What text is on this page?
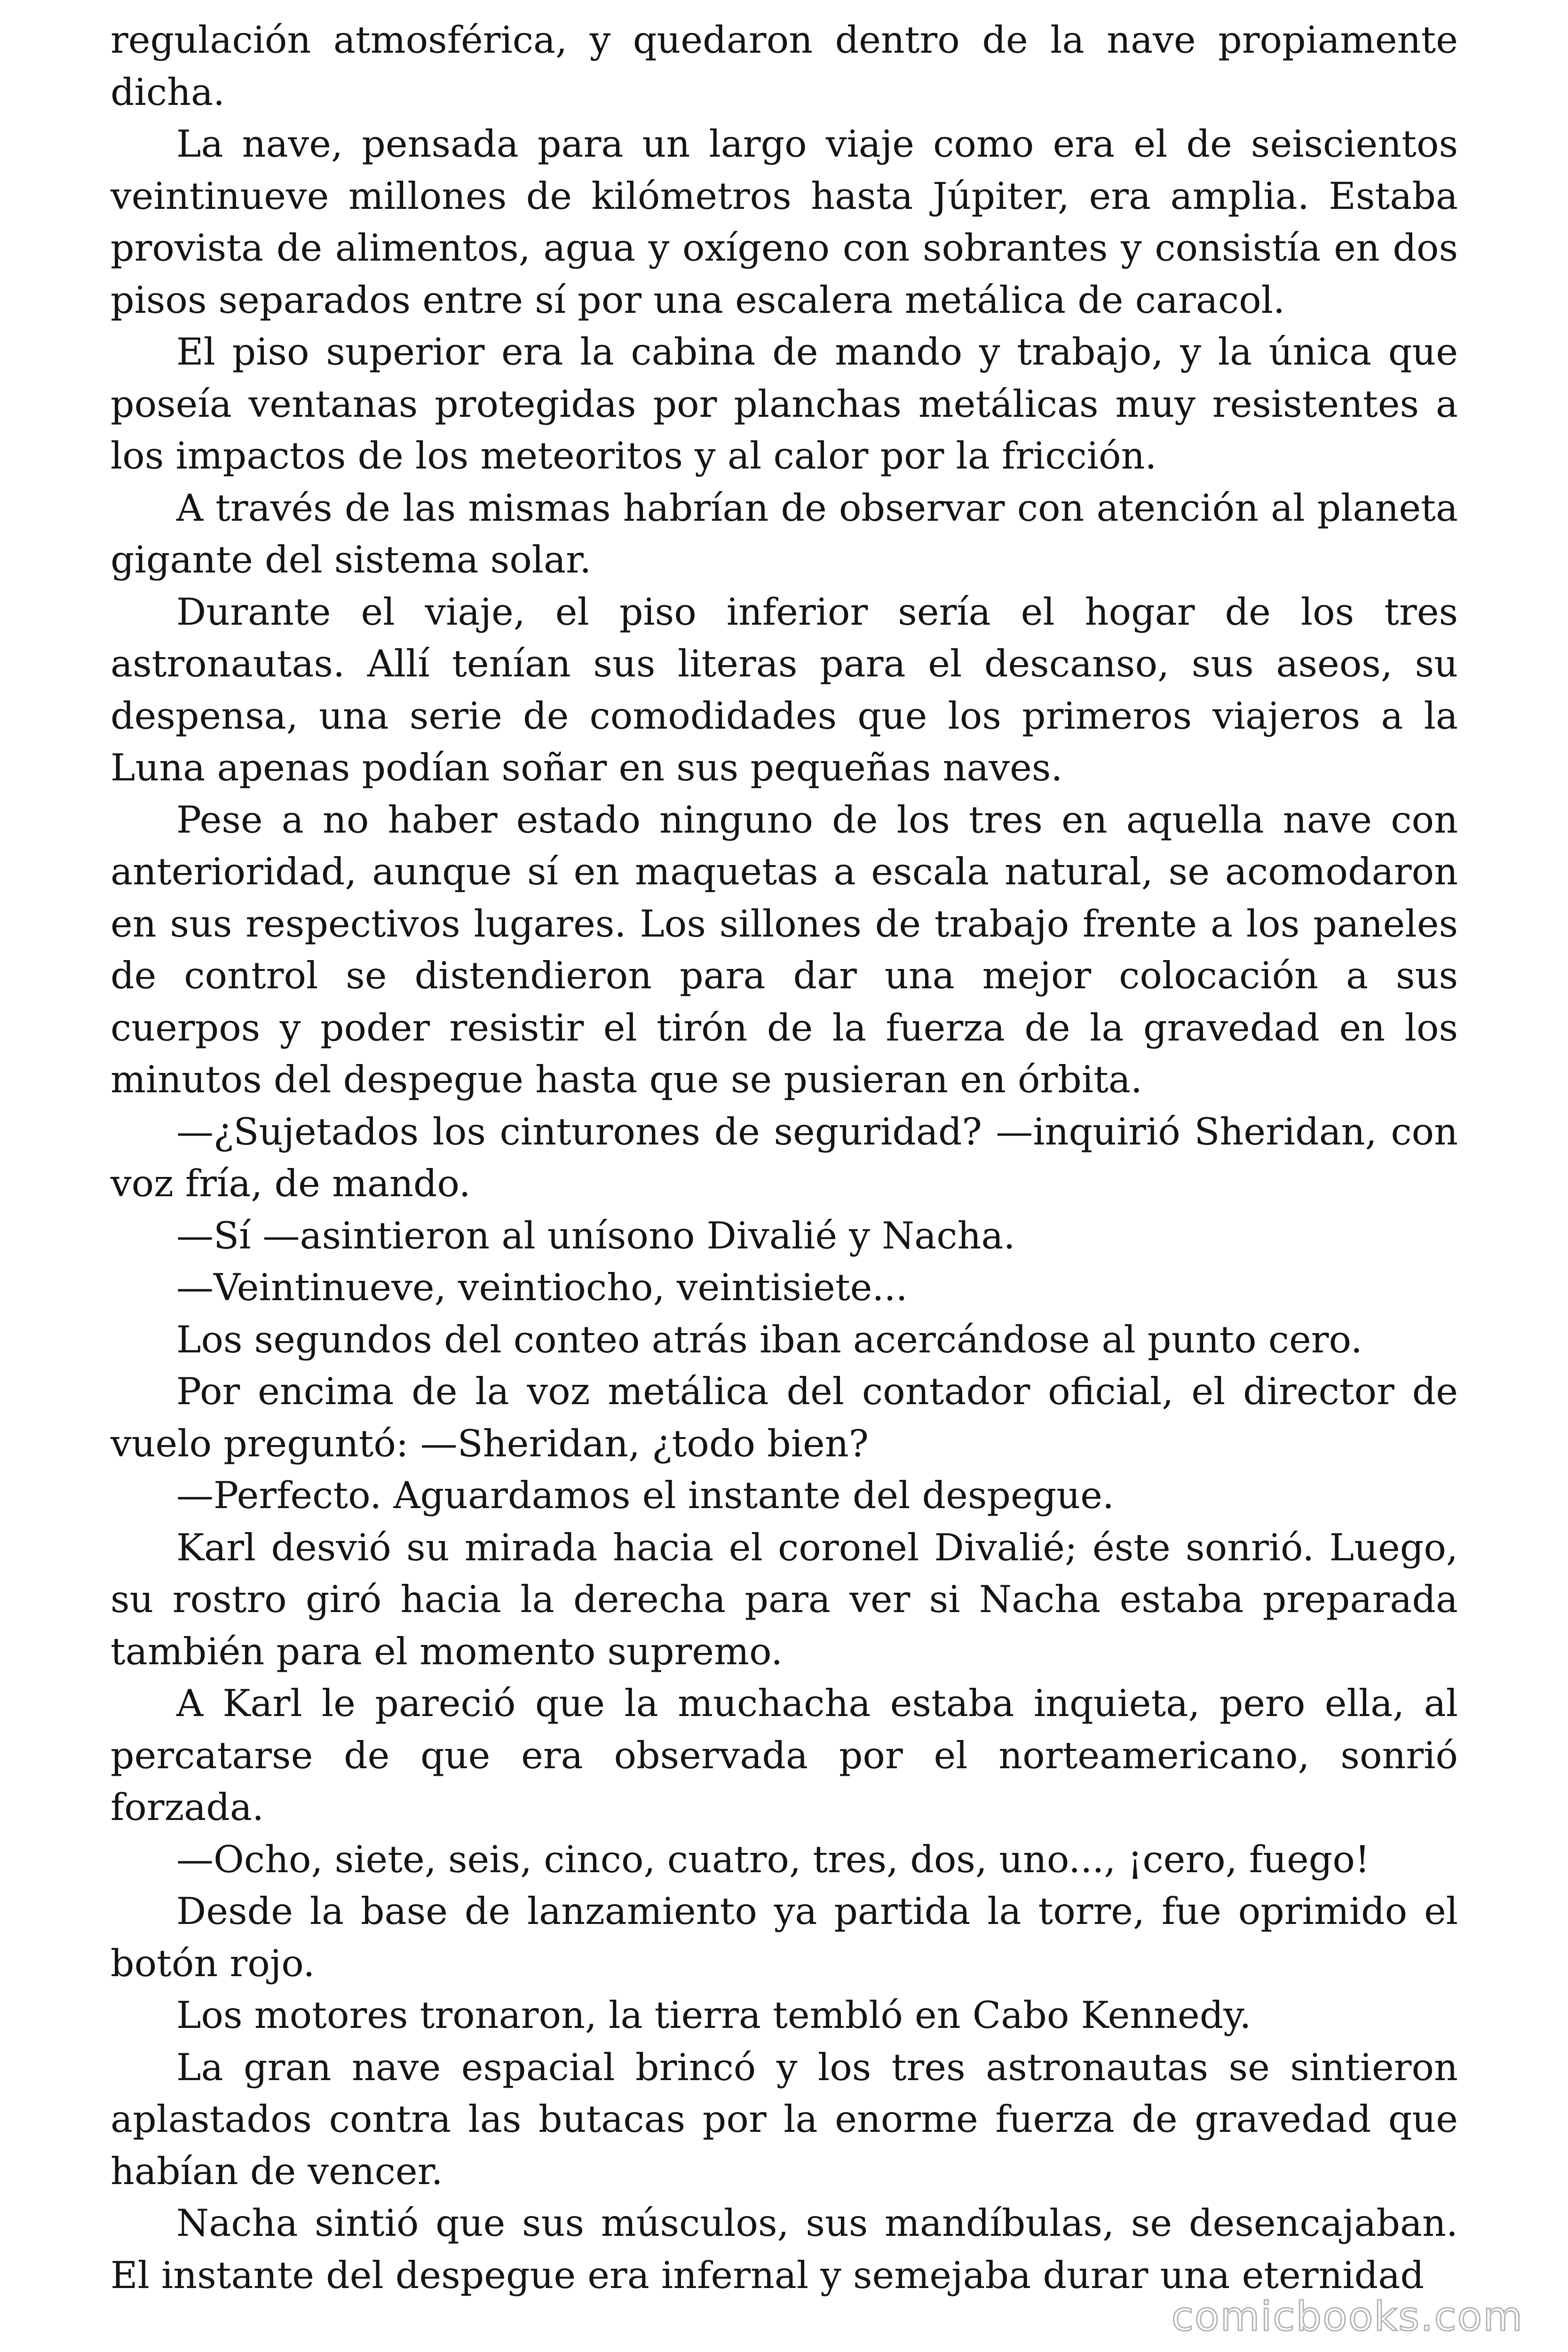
regulación atmosférica, y quedaron dentro de la nave propiamente dicha.

La nave, pensada para un largo viaje como era el de seiscientos veintinueve millones de kilómetros hasta Júpiter, era amplia. Estaba provista de alimentos, agua y oxígeno con sobrantes y consistía en dos pisos separados entre sí por una escalera metálica de caracol.

El piso superior era la cabina de mando y trabajo, y la única que poseía ventanas protegidas por planchas metálicas muy resistentes a los impactos de los meteoritos y al calor por la fricción.

A través de las mismas habrían de observar con atención al planeta gigante del sistema solar.

Durante el viaje, el piso inferior sería el hogar de los tres astronautas. Allí tenían sus literas para el descanso, sus aseos, su despensa, una serie de comodidades que los primeros viajeros a la Luna apenas podían soñar en sus pequeñas naves.

Pese a no haber estado ninguno de los tres en aquella nave con anterioridad, aunque sí en maquetas a escala natural, se acomodaron en sus respectivos lugares. Los sillones de trabajo frente a los paneles de control se distendieron para dar una mejor colocación a sus cuerpos y poder resistir el tirón de la fuerza de la gravedad en los minutos del despegue hasta que se pusieran en órbita.

—¿Sujetados los cinturones de seguridad? —inquirió Sheridan, con voz fría, de mando.

—Sí —asintieron al unísono Divalié y Nacha.

—Veintinueve, veintiocho, veintisiete...

Los segundos del conteo atrás iban acercándose al punto cero.

Por encima de la voz metálica del contador oficial, el director de vuelo preguntó: —Sheridan, ¿todo bien?

—Perfecto. Aguardamos el instante del despegue.

Karl desvió su mirada hacia el coronel Divalié; éste sonrió. Luego, su rostro giró hacia la derecha para ver si Nacha estaba preparada también para el momento supremo.

A Karl le pareció que la muchacha estaba inquieta, pero ella, al percatarse de que era observada por el norteamericano, sonrió forzada.

—Ocho, siete, seis, cinco, cuatro, tres, dos, uno..., ¡cero, fuego!

Desde la base de lanzamiento ya partida la torre, fue oprimido el botón rojo.

Los motores tronaron, la tierra tembló en Cabo Kennedy.

La gran nave espacial brincó y los tres astronautas se sintieron aplastados contra las butacas por la enorme fuerza de gravedad que habían de vencer.

Nacha sintió que sus músculos, sus mandíbulas, se desencajaban. El instante del despegue era infernal y semejaba durar una eternidad

comicbooks.com
